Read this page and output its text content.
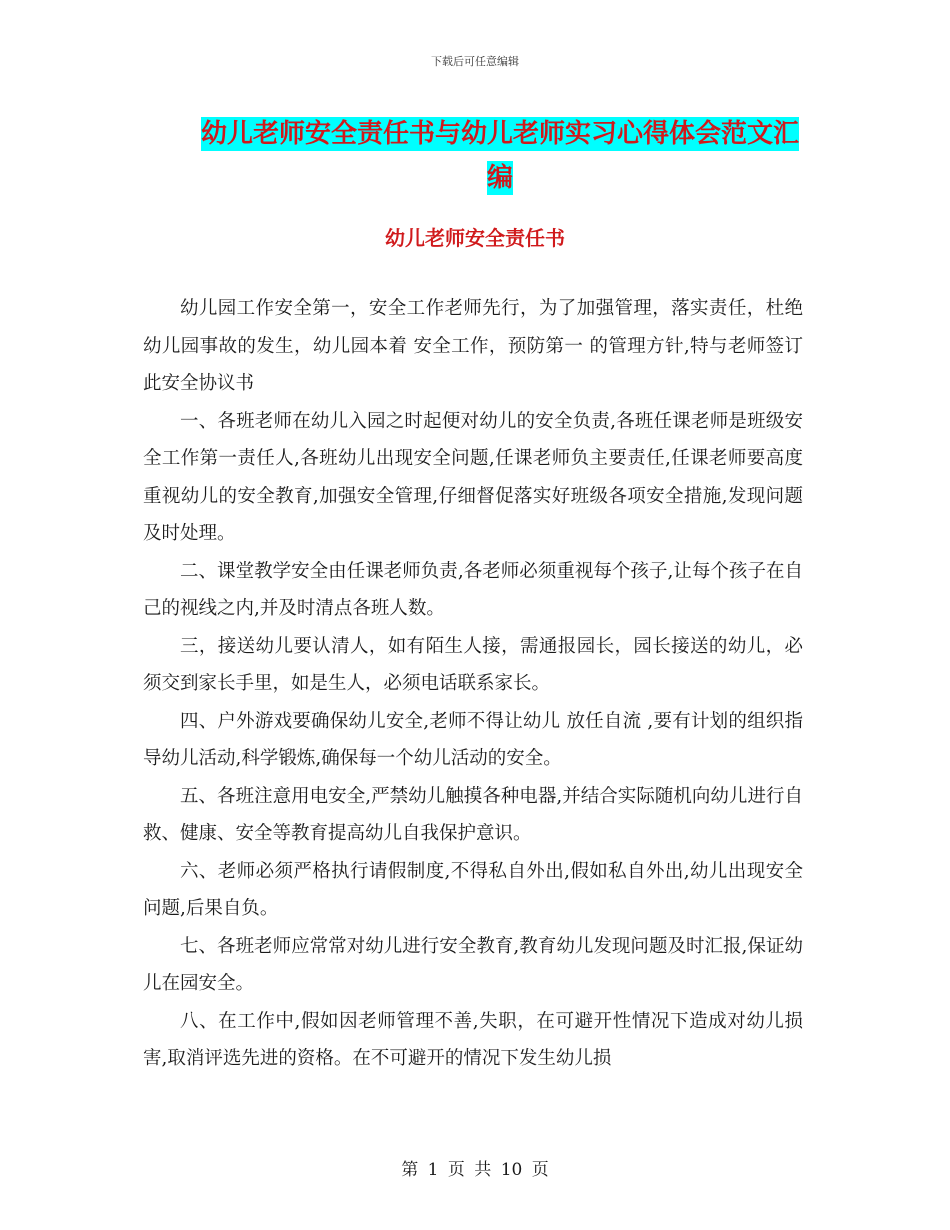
下载后可任意编辑
幼儿老师安全责任书与幼儿老师实习心得体会范文汇编
幼儿老师安全责任书

幼儿园工作安全第一，安全工作老师先行，为了加强管理，落实责任，杜绝幼儿园事故的发生，幼儿园本着 安全工作，预防第一 的管理方针,特与老师签订此安全协议书

一、各班老师在幼儿入园之时起便对幼儿的安全负责,各班任课老师是班级安全工作第一责任人,各班幼儿出现安全问题,任课老师负主要责任,任课老师要高度重视幼儿的安全教育,加强安全管理,仔细督促落实好班级各项安全措施,发现问题及时处理。

二、课堂教学安全由任课老师负责,各老师必须重视每个孩子,让每个孩子在自己的视线之内,并及时清点各班人数。

三，接送幼儿要认清人，如有陌生人接，需通报园长，园长接送的幼儿，必须交到家长手里，如是生人，必须电话联系家长。

四、户外游戏要确保幼儿安全,老师不得让幼儿 放任自流 ,要有计划的组织指导幼儿活动,科学锻炼,确保每一个幼儿活动的安全。

五、各班注意用电安全,严禁幼儿触摸各种电器,并结合实际随机向幼儿进行自救、健康、安全等教育提高幼儿自我保护意识。

六、老师必须严格执行请假制度,不得私自外出,假如私自外出,幼儿出现安全问题,后果自负。

七、各班老师应常常对幼儿进行安全教育,教育幼儿发现问题及时汇报,保证幼儿在园安全。

八、在工作中,假如因老师管理不善,失职，在可避开性情况下造成对幼儿损害,取消评选先进的资格。在不可避开的情况下发生幼儿损

第 1 页 共 10 页
